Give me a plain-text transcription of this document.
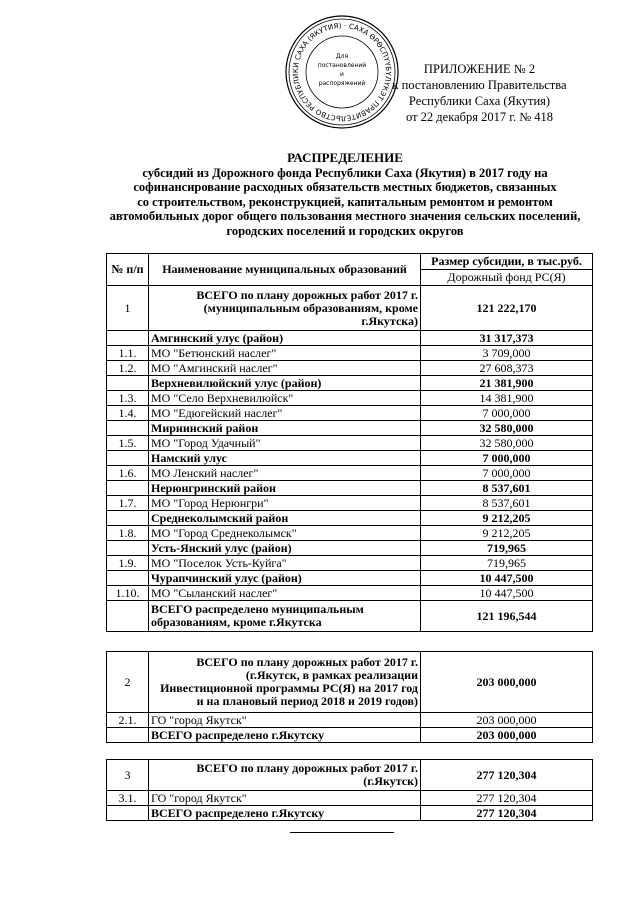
ПРАВИТЕЛЬСТВО РЕСПУБЛИКИ САХА (ЯКУТИЯ) · САХА ӨРӨСПҮҮБҮЛҮКЭТИН
Для
постановлений
и
распоряжений
ПРИЛОЖЕНИЕ № 2
к постановлению Правительства
Республики Саха (Якутия)
от 22 декабря 2017 г. № 418
РАСПРЕДЕЛЕНИЕ
субсидий из Дорожного фонда Республики Саха (Якутия) в 2017 году на
софинансирование расходных обязательств местных бюджетов, связанных
со строительством, реконструкцией, капитальным ремонтом и ремонтом
автомобильных дорог общего пользования местного значения сельских поселений,
городских поселений и городских округов
№ п/п	Наименование муниципальных образований	Размер субсидии, в тыс.руб.
		Дорожный фонд РС(Я)
1	ВСЕГО по плану дорожных работ 2017 г. (муниципальным образованиям, кроме г.Якутска)	121 222,170
	Амгинский улус (район)	31 317,373
1.1.	МО "Бетюнский наслег"	3 709,000
1.2.	МО "Амгинский наслег"	27 608,373
	Верхневилюйский улус (район)	21 381,900
1.3.	МО "Село Верхневилюйск"	14 381,900
1.4.	МО "Едюгейский наслег"	7 000,000
	Мирнинский район	32 580,000
1.5.	МО "Город Удачный"	32 580,000
	Намский улус	7 000,000
1.6.	МО Ленский наслег"	7 000,000
	Нерюнгринский район	8 537,601
1.7.	МО "Город Нерюнгри"	8 537,601
	Среднеколымский район	9 212,205
1.8.	МО "Город Среднеколымск"	9 212,205
	Усть-Янский улус (район)	719,965
1.9.	МО "Поселок Усть-Куйга"	719,965
	Чурапчинский улус (район)	10 447,500
1.10.	МО "Сыланский наслег"	10 447,500
	ВСЕГО распределено муниципальным образованиям, кроме г.Якутска	121 196,544
2	ВСЕГО по плану дорожных работ 2017 г. (г.Якутск, в рамках реализации Инвестиционной программы РС(Я) на 2017 год и на плановый период 2018 и 2019 годов)	203 000,000
2.1.	ГО "город Якутск"	203 000,000
	ВСЕГО распределено г.Якутску	203 000,000
3	ВСЕГО по плану дорожных работ 2017 г. (г.Якутск)	277 120,304
3.1.	ГО "город Якутск"	277 120,304
	ВСЕГО распределено г.Якутску	277 120,304
